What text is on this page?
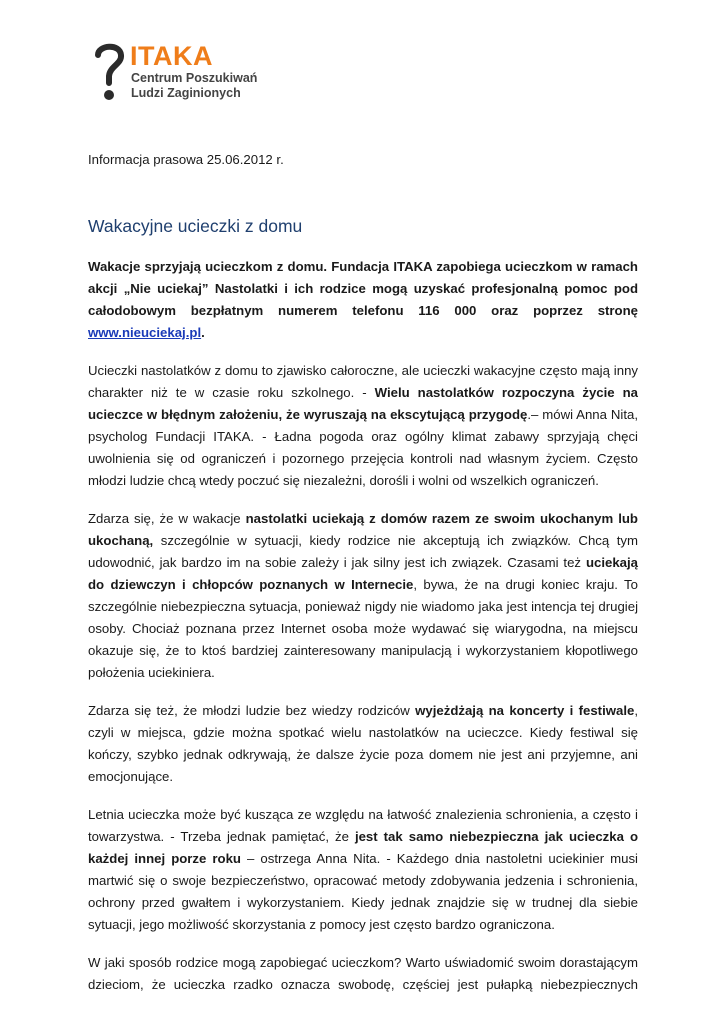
ITAKA
Centrum Poszukiwań
Ludzi Zaginionych
Informacja prasowa 25.06.2012 r.
Wakacyjne ucieczki z domu

Wakacje sprzyjają ucieczkom z domu. Fundacja ITAKA zapobiega ucieczkom w ramach akcji „Nie uciekaj” Nastolatki i ich rodzice mogą uzyskać profesjonalną pomoc pod całodobowym bezpłatnym numerem telefonu 116 000 oraz poprzez stronę www.nieuciekaj.pl.

Ucieczki nastolatków z domu to zjawisko całoroczne, ale ucieczki wakacyjne często mają inny charakter niż te w czasie roku szkolnego. - Wielu nastolatków rozpoczyna życie na ucieczce w błędnym założeniu, że wyruszają na ekscytującą przygodę.– mówi Anna Nita, psycholog Fundacji ITAKA. - Ładna pogoda oraz ogólny klimat zabawy sprzyjają chęci uwolnienia się od ograniczeń i pozornego przejęcia kontroli nad własnym życiem. Często młodzi ludzie chcą wtedy poczuć się niezależni, dorośli i wolni od wszelkich ograniczeń.

Zdarza się, że w wakacje nastolatki uciekają z domów razem ze swoim ukochanym lub ukochaną, szczególnie w sytuacji, kiedy rodzice nie akceptują ich związków. Chcą tym udowodnić, jak bardzo im na sobie zależy i jak silny jest ich związek. Czasami też uciekają do dziewczyn i chłopców poznanych w Internecie, bywa, że na drugi koniec kraju. To szczególnie niebezpieczna sytuacja, ponieważ nigdy nie wiadomo jaka jest intencja tej drugiej osoby. Chociaż poznana przez Internet osoba może wydawać się wiarygodna, na miejscu okazuje się, że to ktoś bardziej zainteresowany manipulacją i wykorzystaniem kłopotliwego położenia uciekiniera.

Zdarza się też, że młodzi ludzie bez wiedzy rodziców wyjeżdżają na koncerty i festiwale, czyli w miejsca, gdzie można spotkać wielu nastolatków na ucieczce. Kiedy festiwal się kończy, szybko jednak odkrywają, że dalsze życie poza domem nie jest ani przyjemne, ani emocjonujące.

Letnia ucieczka może być kusząca ze względu na łatwość znalezienia schronienia, a często i towarzystwa. - Trzeba jednak pamiętać, że jest tak samo niebezpieczna jak ucieczka o każdej innej porze roku – ostrzega Anna Nita. - Każdego dnia nastoletni uciekinier musi martwić się o swoje bezpieczeństwo, opracować metody zdobywania jedzenia i schronienia, ochrony przed gwałtem i wykorzystaniem. Kiedy jednak znajdzie się w trudnej dla siebie sytuacji, jego możliwość skorzystania z pomocy jest często bardzo ograniczona.

W jaki sposób rodzice mogą zapobiegać ucieczkom? Warto uświadomić swoim dorastającym dzieciom, że ucieczka rzadko oznacza swobodę, częściej jest pułapką niebezpiecznych
